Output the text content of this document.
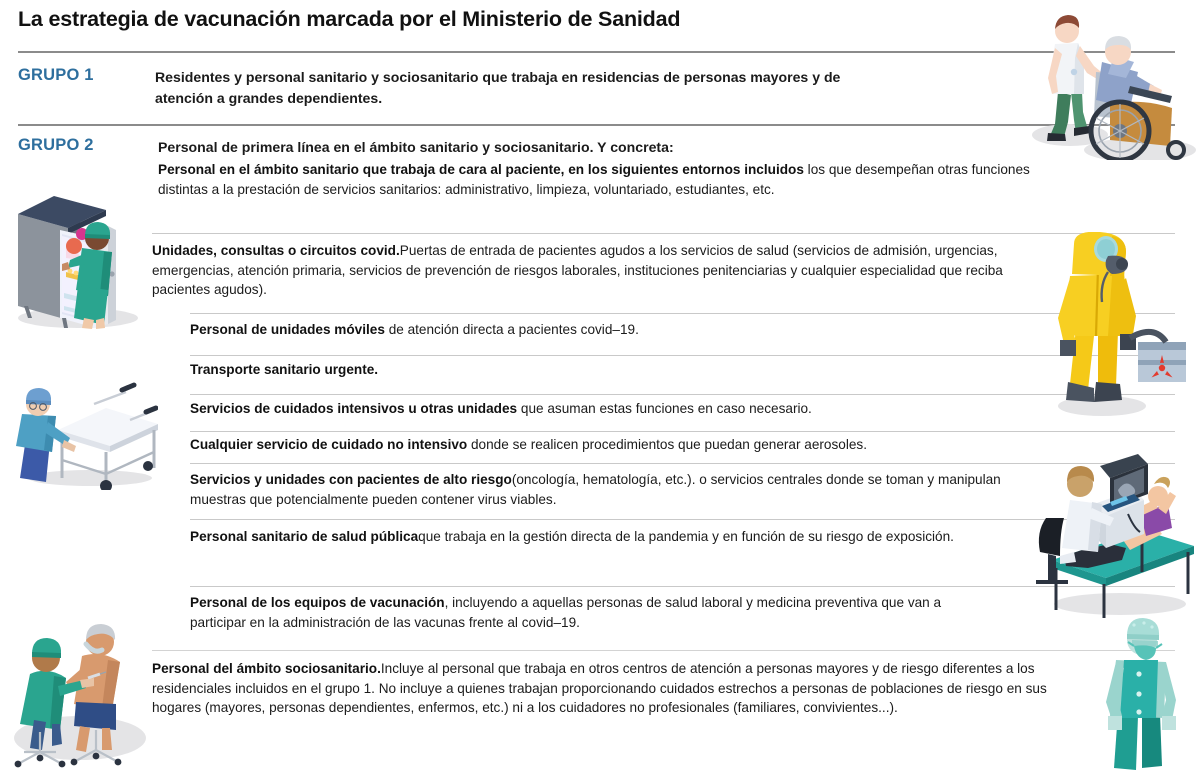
La estrategia de vacunación marcada por el Ministerio de Sanidad
GRUPO 1	Residentes y personal sanitario y sociosanitario que trabaja en residencias de personas mayores y de atención a grandes dependientes.
GRUPO 2	Personal de primera línea en el ámbito sanitario y sociosanitario. Y concreta:
Personal en el ámbito sanitario que trabaja de cara al paciente, en los siguientes entornos incluidos los que desempeñan otras funciones distintas a la prestación de servicios sanitarios: administrativo, limpieza, voluntariado, estudiantes, etc.
Unidades, consultas o circuitos covid.Puertas de entrada de pacientes agudos a los servicios de salud (servicios de admisión, urgencias, emergencias, atención primaria, servicios de prevención de riesgos laborales, instituciones penitenciarias y cualquier especialidad que reciba pacientes agudos).
Personal de unidades móviles de atención directa a pacientes covid–19.
Transporte sanitario urgente.
Servicios de cuidados intensivos u otras unidades que asuman estas funciones en caso necesario.
Cualquier servicio de cuidado no intensivo donde se realicen procedimientos que puedan generar aerosoles.
Servicios y unidades con pacientes de alto riesgo(oncología, hematología, etc.). o servicios centrales donde se toman y manipulan muestras que potencialmente pueden contener virus viables.
Personal sanitario de salud públicaque trabaja en la gestión directa de la pandemia y en función de su riesgo de exposición.
Personal de los equipos de vacunación, incluyendo a aquellas personas de salud laboral y medicina preventiva que van a participar en la administración de las vacunas frente al covid–19.
Personal del ámbito sociosanitario.Incluye al personal que trabaja en otros centros de atención a personas mayores y de riesgo diferentes a los residenciales incluidos en el grupo 1. No incluye a quienes trabajan proporcionando cuidados estrechos a personas de poblaciones de riesgo en sus hogares (mayores, personas dependientes, enfermos, etc.) ni a los cuidadores no profesionales (familiares, convivientes...).
